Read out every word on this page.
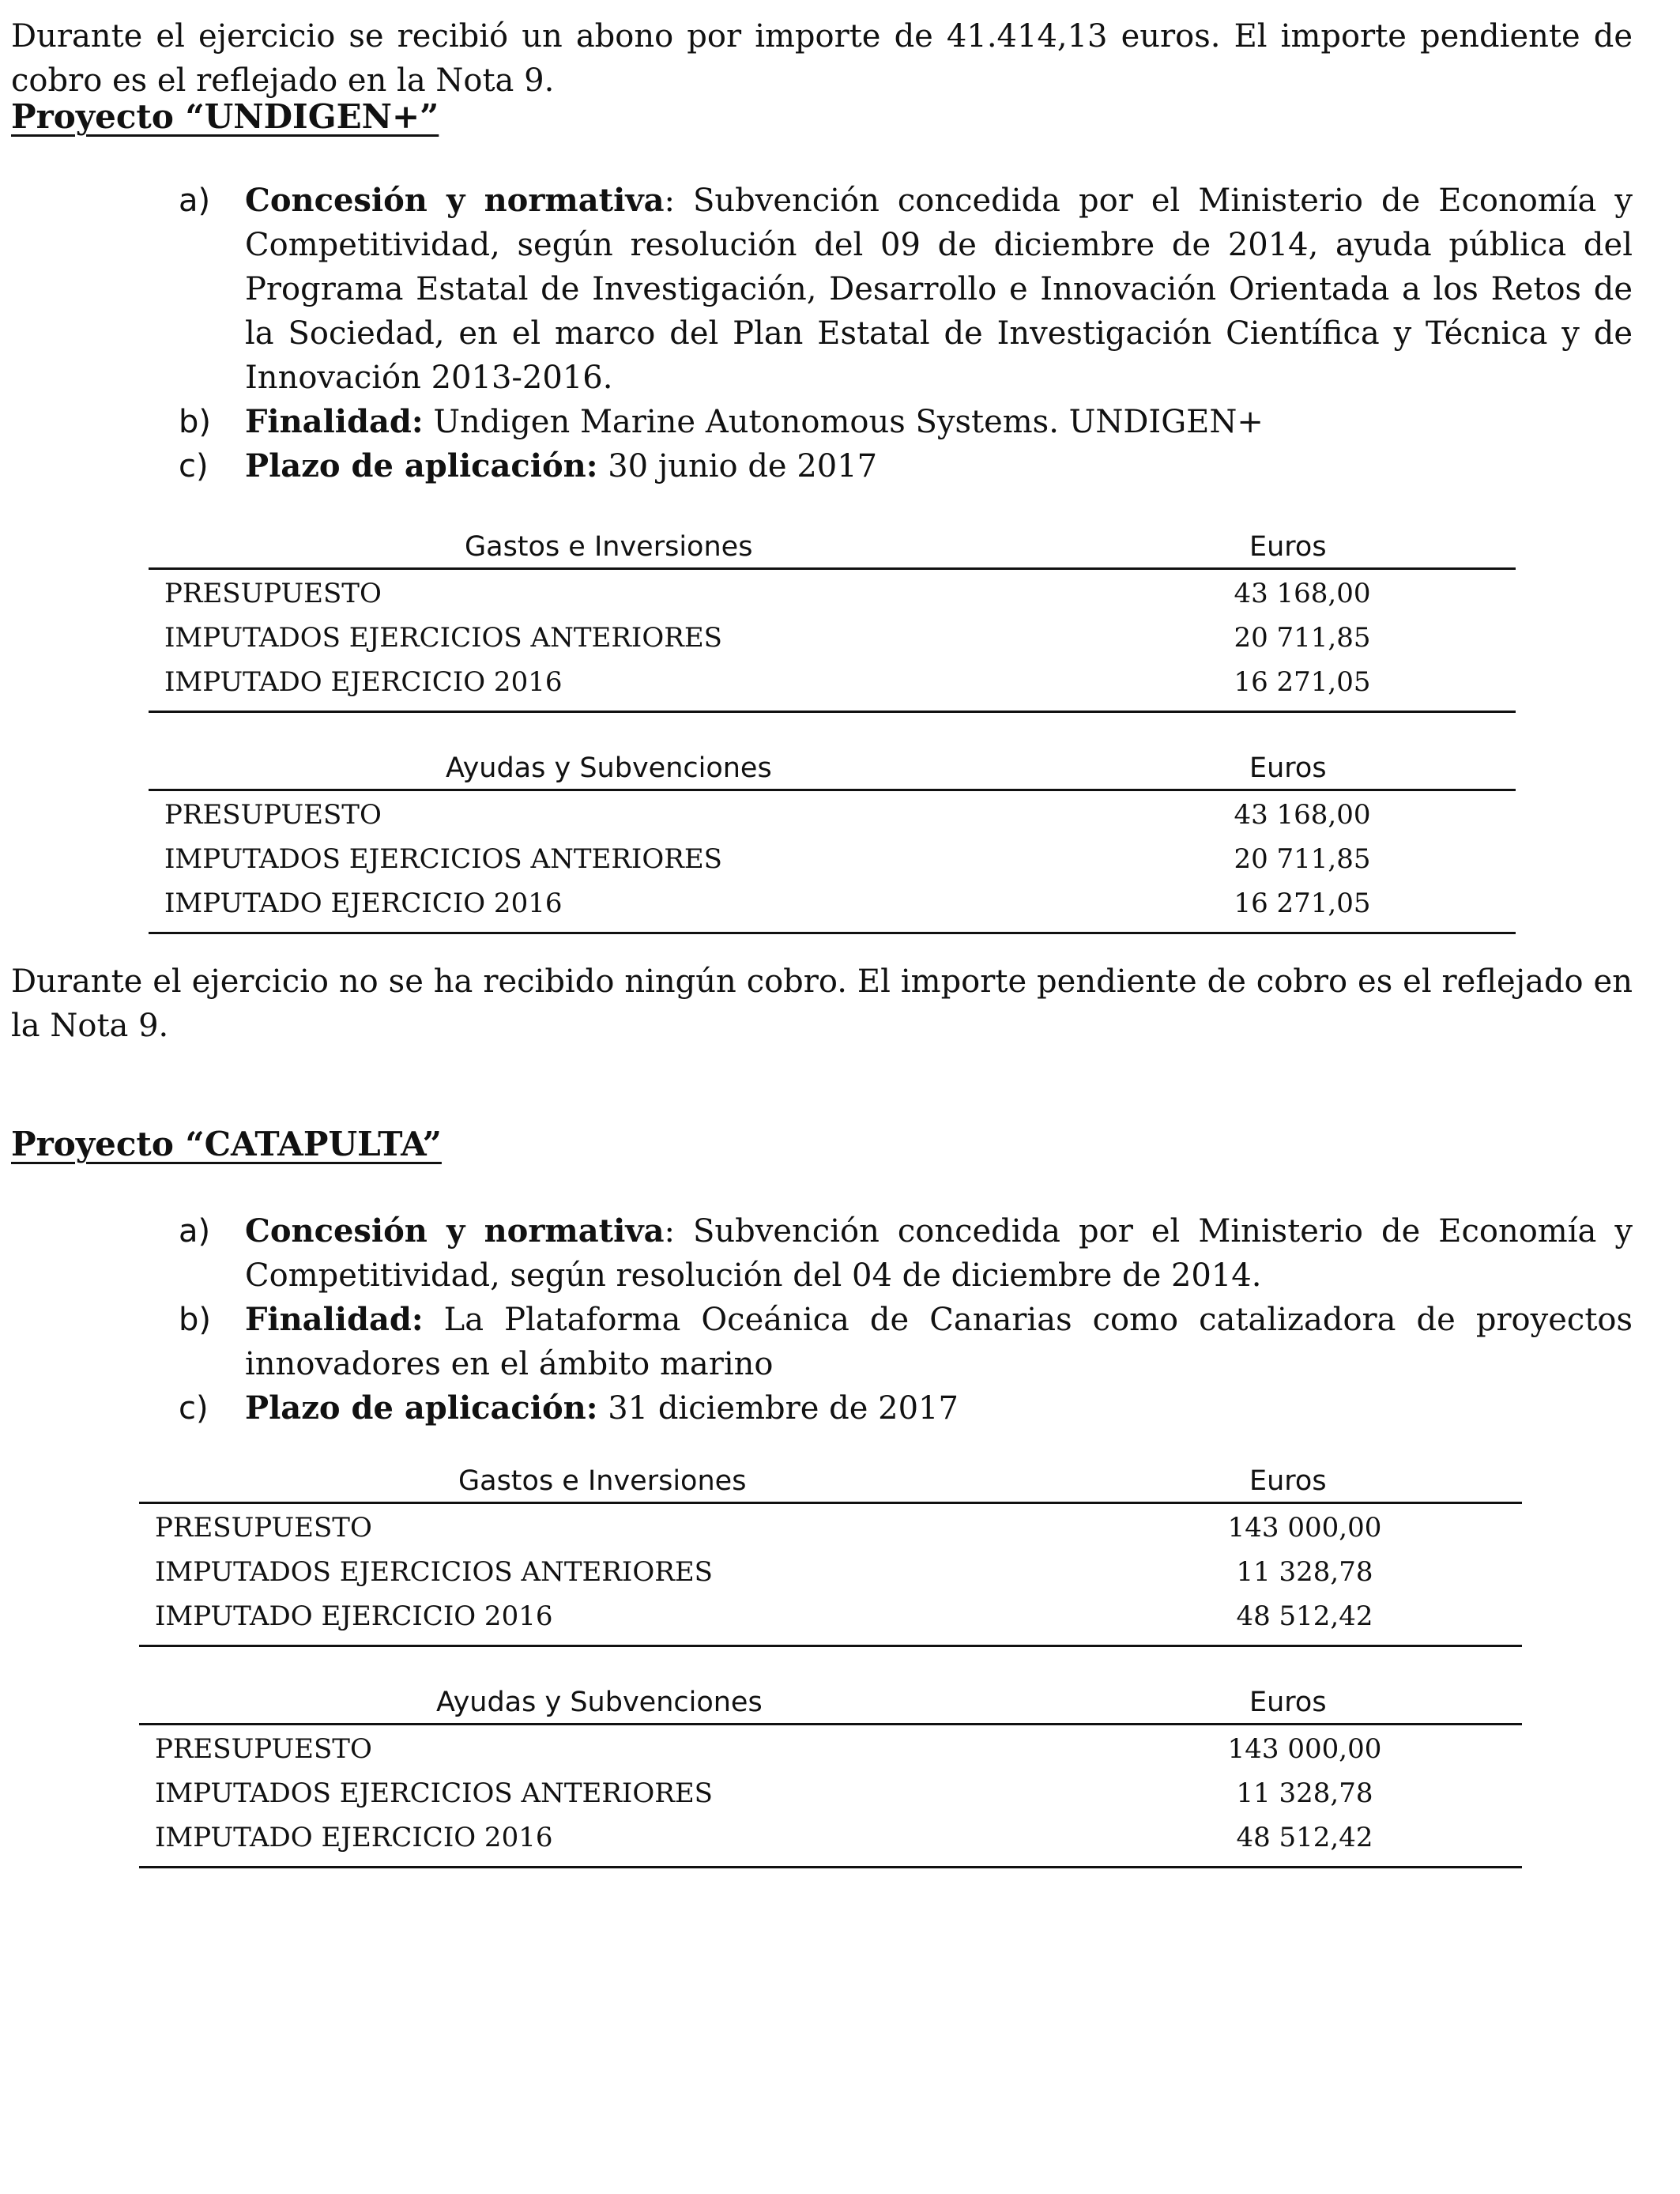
Durante el ejercicio se recibió un abono por importe de 41.414,13 euros. El importe pendiente de cobro es el reflejado en la Nota 9.
Proyecto “UNDIGEN+”
a) Concesión y normativa: Subvención concedida por el Ministerio de Economía y Competitividad, según resolución del 09 de diciembre de 2014, ayuda pública del Programa Estatal de Investigación, Desarrollo e Innovación Orientada a los Retos de la Sociedad, en el marco del Plan Estatal de Investigación Científica y Técnica y de Innovación 2013-2016.
b) Finalidad: Undigen Marine Autonomous Systems. UNDIGEN+
c) Plazo de aplicación: 30 junio de 2017
Gastos e Inversiones	Euros
PRESUPUESTO	43 168,00
IMPUTADOS EJERCICIOS ANTERIORES	20 711,85
IMPUTADO EJERCICIO 2016	16 271,05
Ayudas y Subvenciones	Euros
PRESUPUESTO	43 168,00
IMPUTADOS EJERCICIOS ANTERIORES	20 711,85
IMPUTADO EJERCICIO 2016	16 271,05
Durante el ejercicio no se ha recibido ningún cobro. El importe pendiente de cobro es el reflejado en la Nota 9.
Proyecto “CATAPULTA”
a) Concesión y normativa: Subvención concedida por el Ministerio de Economía y Competitividad, según resolución del 04 de diciembre de 2014.
b) Finalidad: La Plataforma Oceánica de Canarias como catalizadora de proyectos innovadores en el ámbito marino
c) Plazo de aplicación: 31 diciembre de 2017
Gastos e Inversiones	Euros
PRESUPUESTO	143 000,00
IMPUTADOS EJERCICIOS ANTERIORES	11 328,78
IMPUTADO EJERCICIO 2016	48 512,42
Ayudas y Subvenciones	Euros
PRESUPUESTO	143 000,00
IMPUTADOS EJERCICIOS ANTERIORES	11 328,78
IMPUTADO EJERCICIO 2016	48 512,42
